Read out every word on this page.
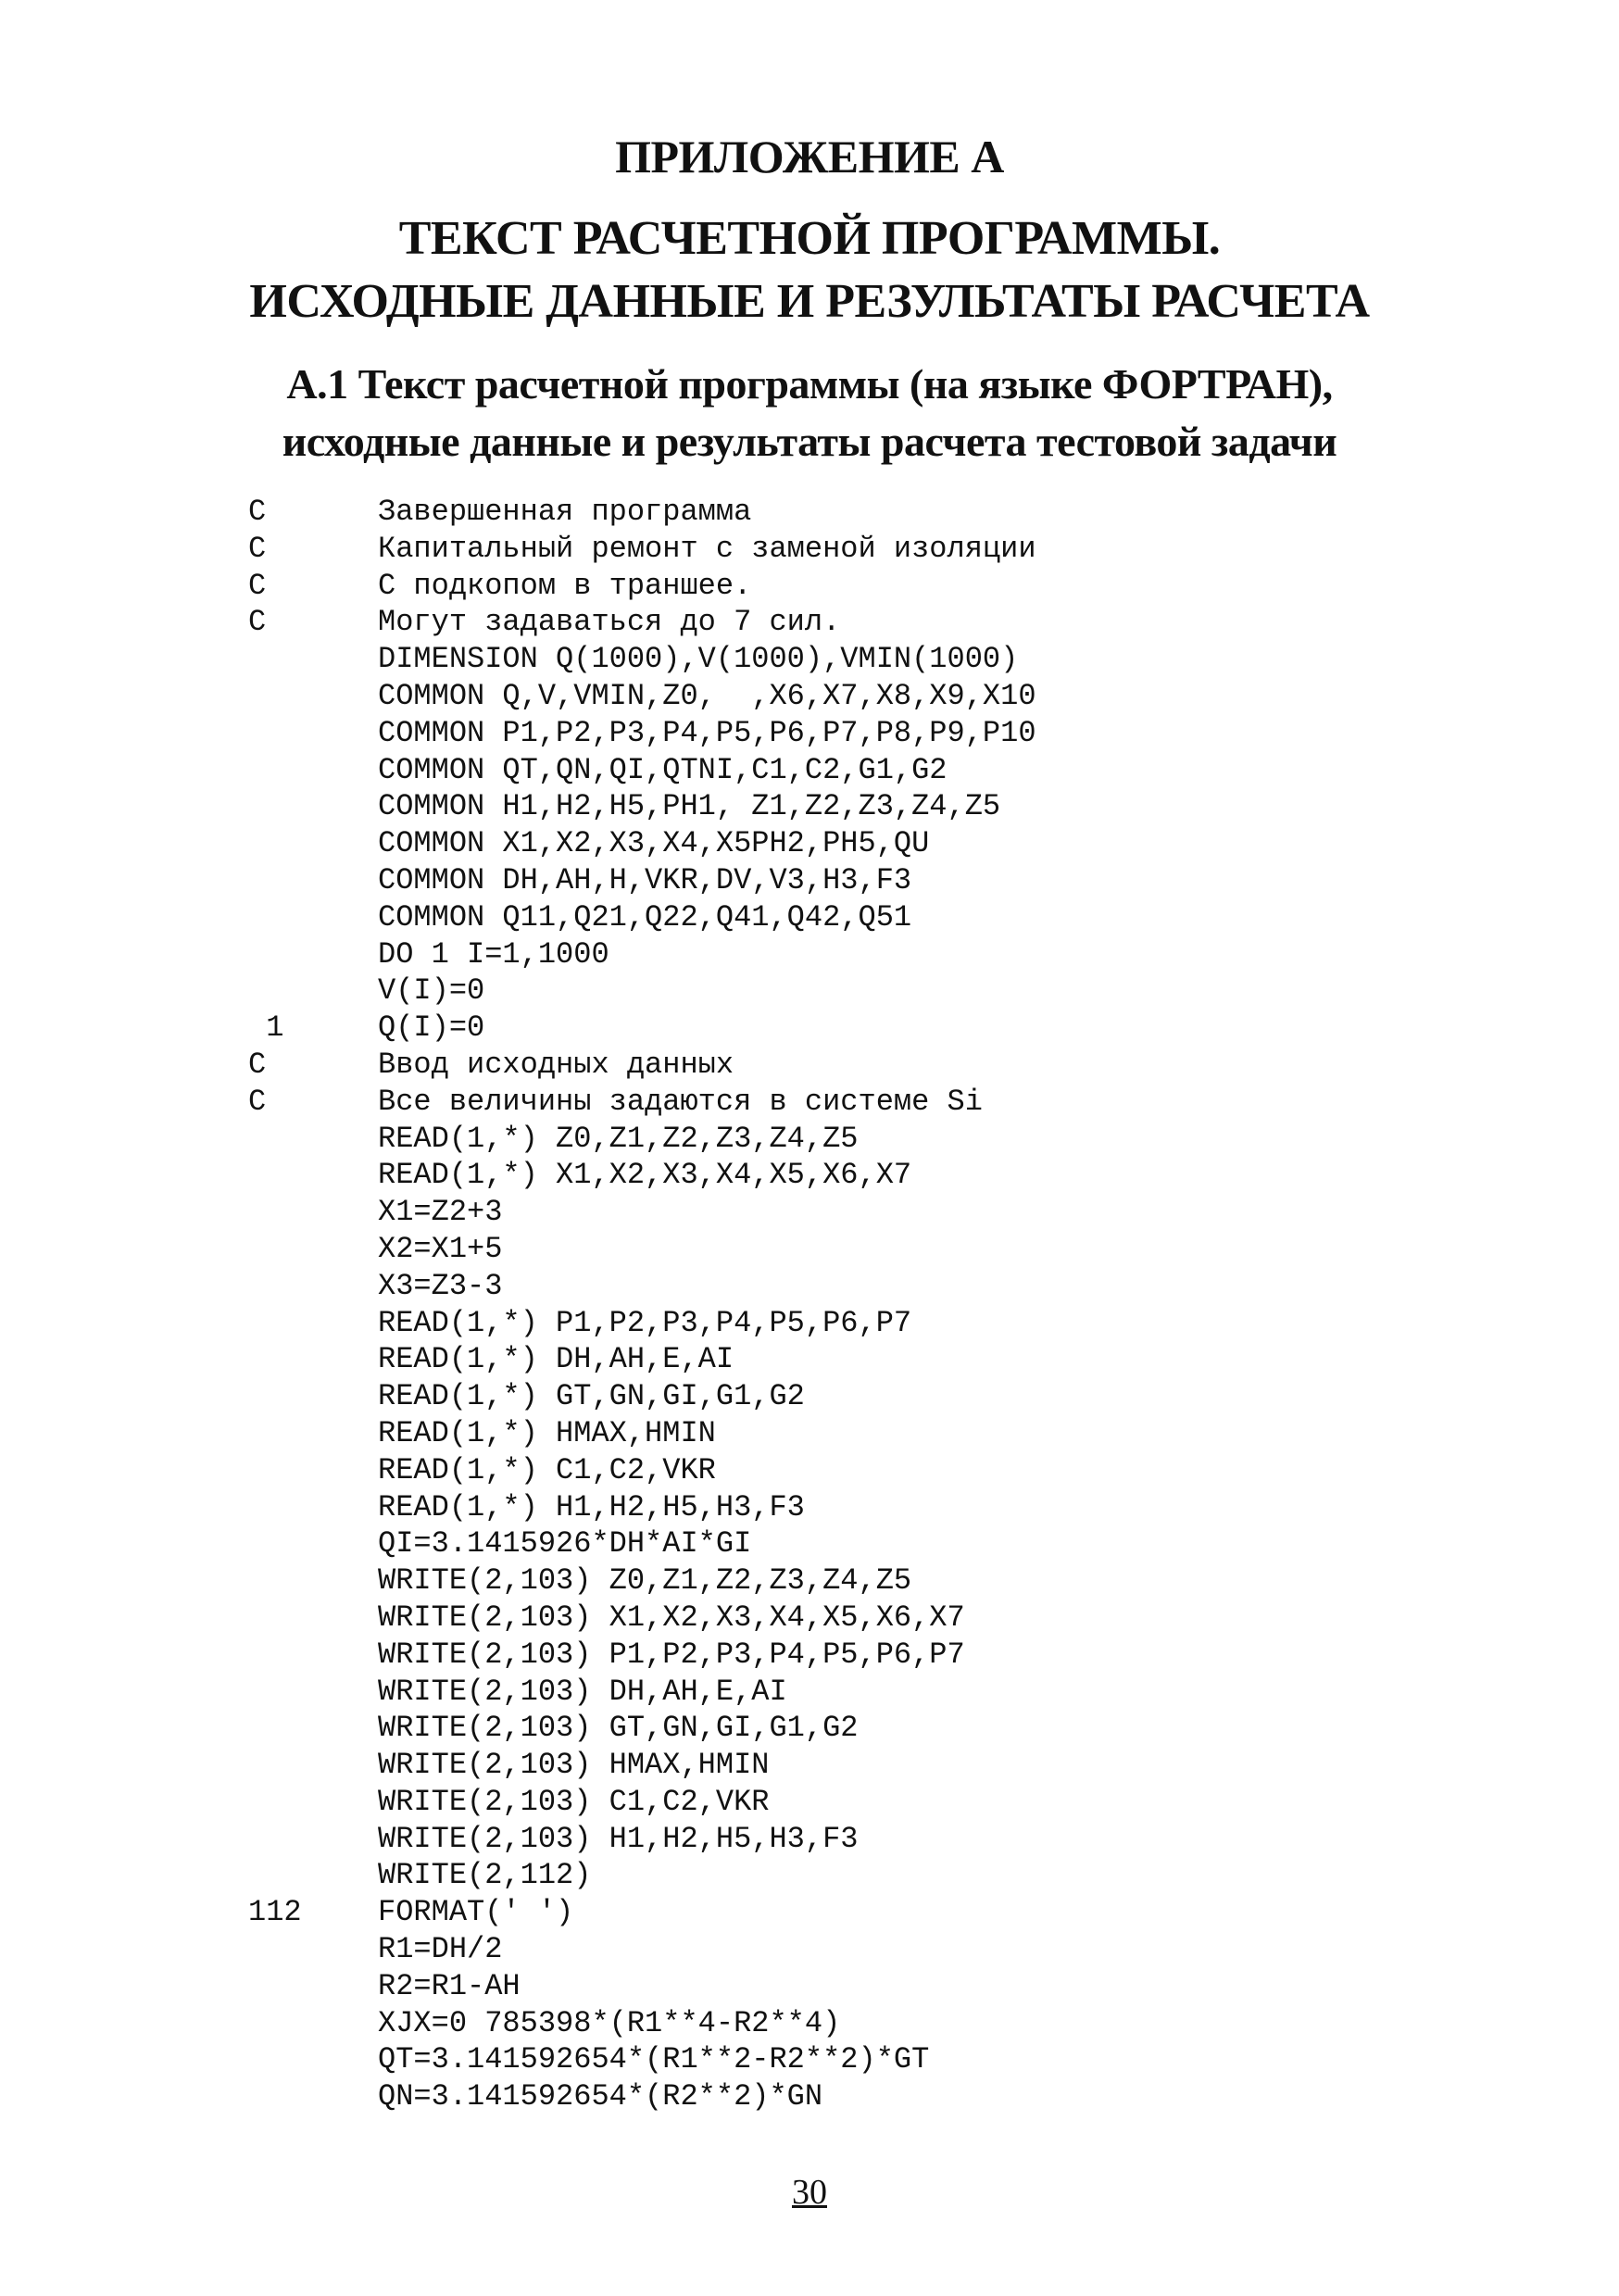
ПРИЛОЖЕНИЕ А
ТЕКСТ РАСЧЕТНОЙ ПРОГРАММЫ.
ИСХОДНЫЕ ДАННЫЕ И РЕЗУЛЬТАТЫ РАСЧЕТА
А.1 Текст расчетной программы (на языке ФОРТРАН),
исходные данные и результаты расчета тестовой задачи
C	Завершенная программа
C	Капитальный ремонт с заменой изоляции
C	С подкопом в траншее.
C	Могут задаваться до 7 сил.
DIMENSION Q(1000),V(1000),VMIN(1000)
COMMON Q,V,VMIN,Z0,  ,X6,X7,X8,X9,X10
COMMON P1,P2,P3,P4,P5,P6,P7,P8,P9,P10
COMMON QT,QN,QI,QTNI,C1,C2,G1,G2
COMMON H1,H2,H5,PH1, Z1,Z2,Z3,Z4,Z5
COMMON X1,X2,X3,X4,X5PH2,PH5,QU
COMMON DH,AH,H,VKR,DV,V3,H3,F3
COMMON Q11,Q21,Q22,Q41,Q42,Q51
DO 1 I=1,1000
V(I)=0
1	Q(I)=0
C	Ввод исходных данных
C	Все величины задаются в системе Si
READ(1,*) Z0,Z1,Z2,Z3,Z4,Z5
READ(1,*) X1,X2,X3,X4,X5,X6,X7
X1=Z2+3
X2=X1+5
X3=Z3-3
READ(1,*) P1,P2,P3,P4,P5,P6,P7
READ(1,*) DH,AH,E,AI
READ(1,*) GT,GN,GI,G1,G2
READ(1,*) HMAX,HMIN
READ(1,*) C1,C2,VKR
READ(1,*) H1,H2,H5,H3,F3
QI=3.1415926*DH*AI*GI
WRITE(2,103) Z0,Z1,Z2,Z3,Z4,Z5
WRITE(2,103) X1,X2,X3,X4,X5,X6,X7
WRITE(2,103) P1,P2,P3,P4,P5,P6,P7
WRITE(2,103) DH,AH,E,AI
WRITE(2,103) GT,GN,GI,G1,G2
WRITE(2,103) HMAX,HMIN
WRITE(2,103) C1,C2,VKR
WRITE(2,103) H1,H2,H5,H3,F3
WRITE(2,112)
112	FORMAT(' ')
R1=DH/2
R2=R1-AH
XJX=0 785398*(R1**4-R2**4)
QT=3.141592654*(R1**2-R2**2)*GT
QN=3.141592654*(R2**2)*GN
30
